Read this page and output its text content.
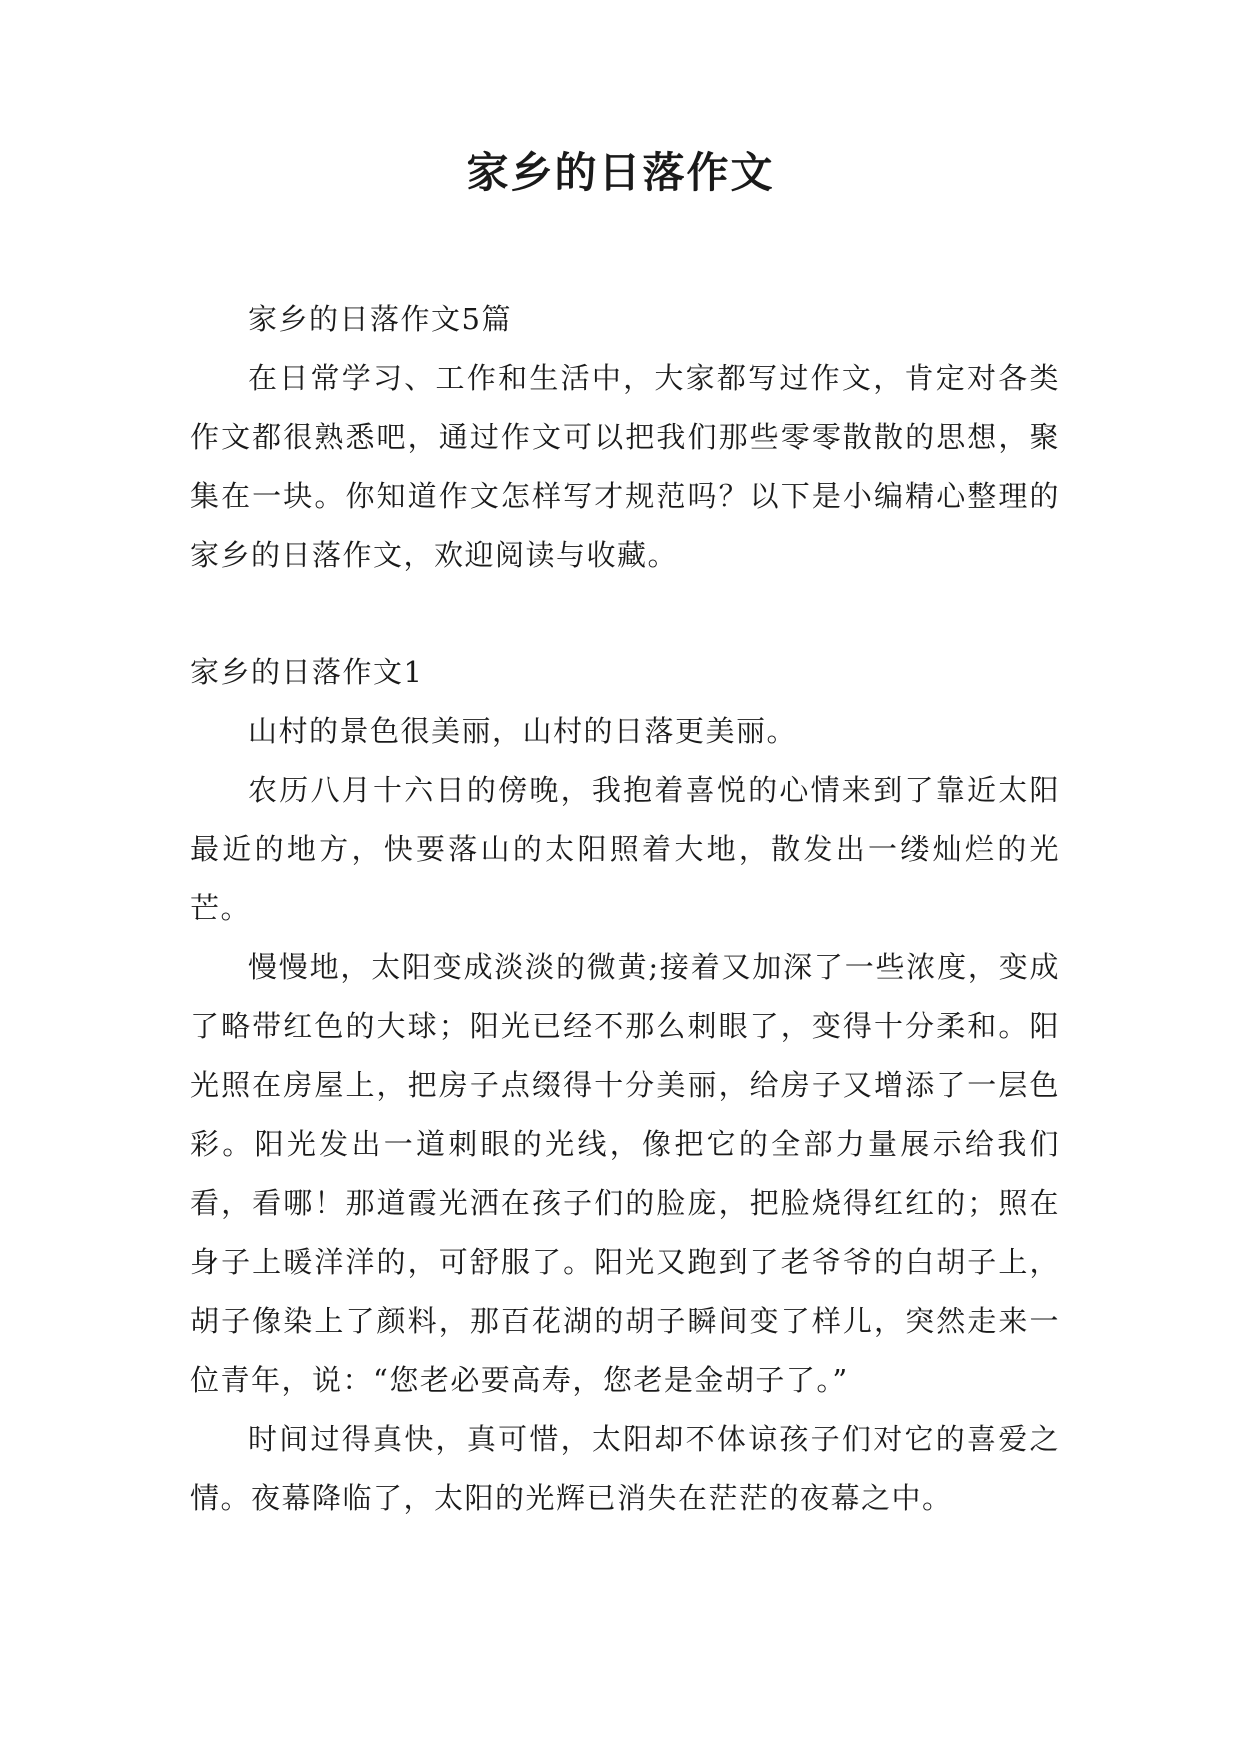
家乡的日落作文

家乡的日落作文5篇

在日常学习、工作和生活中，大家都写过作文，肯定对各类作文都很熟悉吧，通过作文可以把我们那些零零散散的思想，聚集在一块。你知道作文怎样写才规范吗？以下是小编精心整理的家乡的日落作文，欢迎阅读与收藏。

家乡的日落作文1

山村的景色很美丽，山村的日落更美丽。

农历八月十六日的傍晚，我抱着喜悦的心情来到了靠近太阳最近的地方，快要落山的太阳照着大地，散发出一缕灿烂的光芒。

慢慢地，太阳变成淡淡的微黄;接着又加深了一些浓度，变成了略带红色的大球；阳光已经不那么刺眼了，变得十分柔和。阳光照在房屋上，把房子点缀得十分美丽，给房子又增添了一层色彩。阳光发出一道刺眼的光线，像把它的全部力量展示给我们看，看哪！那道霞光洒在孩子们的脸庞，把脸烧得红红的；照在身子上暖洋洋的，可舒服了。阳光又跑到了老爷爷的白胡子上，胡子像染上了颜料，那百花湖的胡子瞬间变了样儿，突然走来一位青年，说：“您老必要高寿，您老是金胡子了。”

时间过得真快，真可惜，太阳却不体谅孩子们对它的喜爱之情。夜幕降临了，太阳的光辉已消失在茫茫的夜幕之中。
